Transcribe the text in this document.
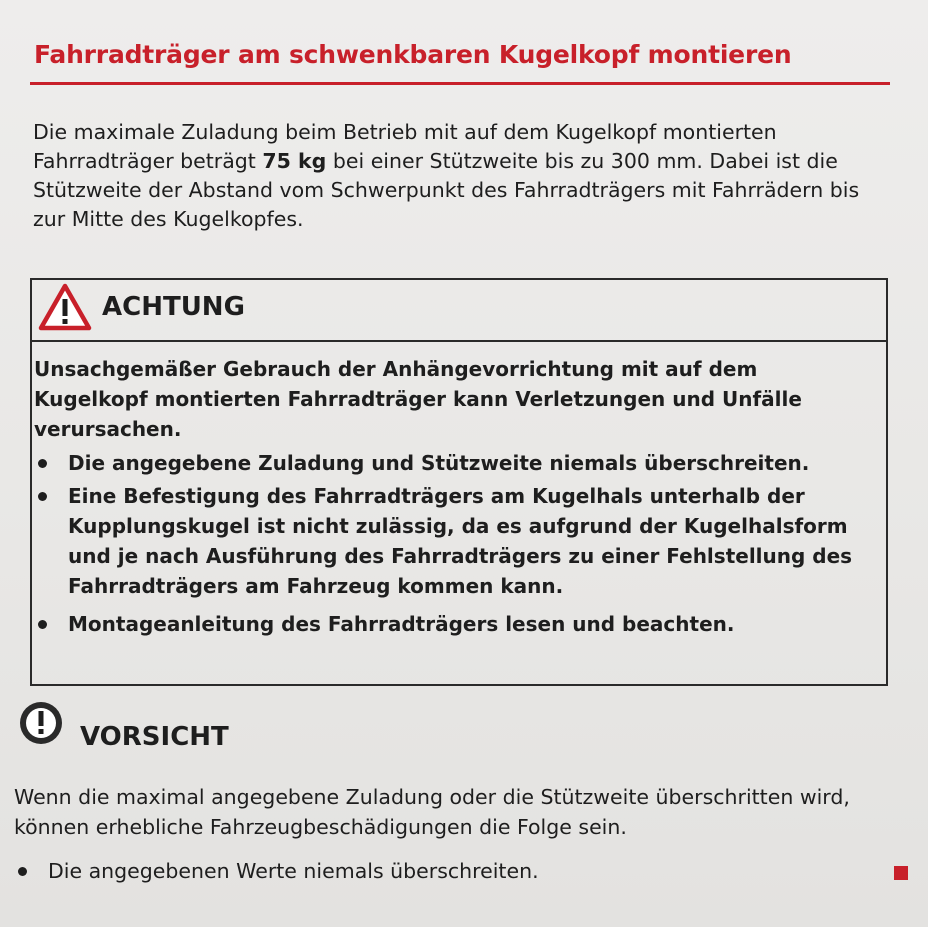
Fahrradträger am schwenkbaren Kugelkopf montieren

Die maximale Zuladung beim Betrieb mit auf dem Kugelkopf montierten Fahrradträger beträgt 75 kg bei einer Stützweite bis zu 300 mm. Dabei ist die Stützweite der Abstand vom Schwerpunkt des Fahrradträgers mit Fahrrädern bis zur Mitte des Kugelkopfes.

ACHTUNG

Unsachgemäßer Gebrauch der Anhängevorrichtung mit auf dem Kugelkopf montierten Fahrradträger kann Verletzungen und Unfälle verursachen.

Die angegebene Zuladung und Stützweite niemals überschreiten.

Eine Befestigung des Fahrradträgers am Kugelhals unterhalb der Kupplungskugel ist nicht zulässig, da es aufgrund der Kugelhalsform und je nach Ausführung des Fahrradträgers zu einer Fehlstellung des Fahrradträgers am Fahrzeug kommen kann.

Montageanleitung des Fahrradträgers lesen und beachten.

VORSICHT

Wenn die maximal angegebene Zuladung oder die Stützweite überschritten wird, können erhebliche Fahrzeugbeschädigungen die Folge sein.

Die angegebenen Werte niemals überschreiten.
